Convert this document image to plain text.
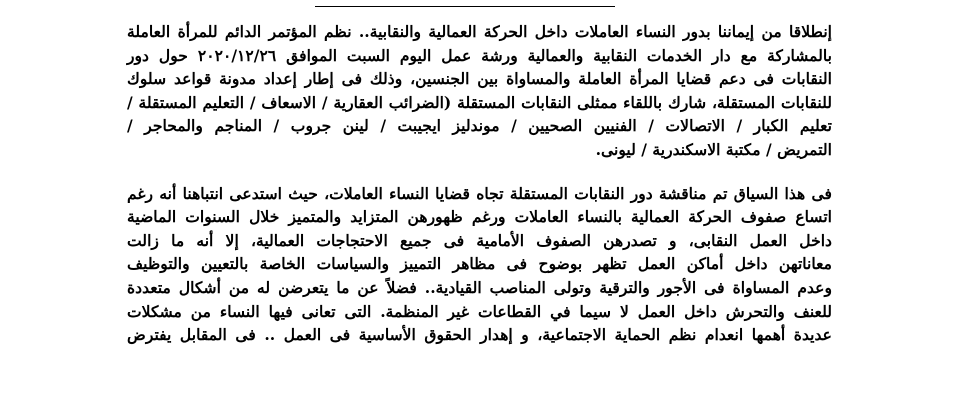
إنطلاقا من إيماننا بدور النساء العاملات داخل الحركة العمالية والنقابية.. نظم المؤتمر الدائم للمرأة العاملة
بالمشاركة مع دار الخدمات النقابية والعمالية ورشة عمل اليوم السبت الموافق ٢٠٢٠/١٢/٢٦ حول دور
النقابات فى دعم قضايا المرأة العاملة والمساواة بين الجنسين، وذلك فى إطار إعداد مدونة قواعد سلوك
للنقابات المستقلة، شارك باللقاء ممثلى النقابات المستقلة (الضرائب العقارية / الاسعاف / التعليم المستقلة /
تعليم الكبار / الاتصالات / الفنيين الصحيين / موندليز ايجيبت / لينن جروب / المناجم والمحاجر /
التمريض / مكتبة الاسكندرية / ليونى.

فى هذا السياق تم مناقشة دور النقابات المستقلة تجاه قضايا النساء العاملات، حيث استدعى انتباهنا أنه رغم
اتساع صفوف الحركة العمالية بالنساء العاملات ورغم ظهورهن المتزايد والمتميز خلال السنوات الماضية
داخل العمل النقابى، و تصدرهن الصفوف الأمامية فى جميع الاحتجاجات العمالية، إلا أنه ما زالت
معاناتهن داخل أماكن العمل تظهر بوضوح فى مظاهر التمييز والسياسات الخاصة بالتعيين والتوظيف
وعدم المساواة فى الأجور والترقية وتولى المناصب القيادية.. فضلاً عن ما يتعرضن له من أشكال متعددة
للعنف والتحرش داخل العمل لا سيما في القطاعات غير المنظمة. التى تعانى فيها النساء من مشكلات
عديدة أهمها انعدام نظم الحماية الاجتماعية، و إهدار الحقوق الأساسية فى العمل .. فى المقابل يفترض
